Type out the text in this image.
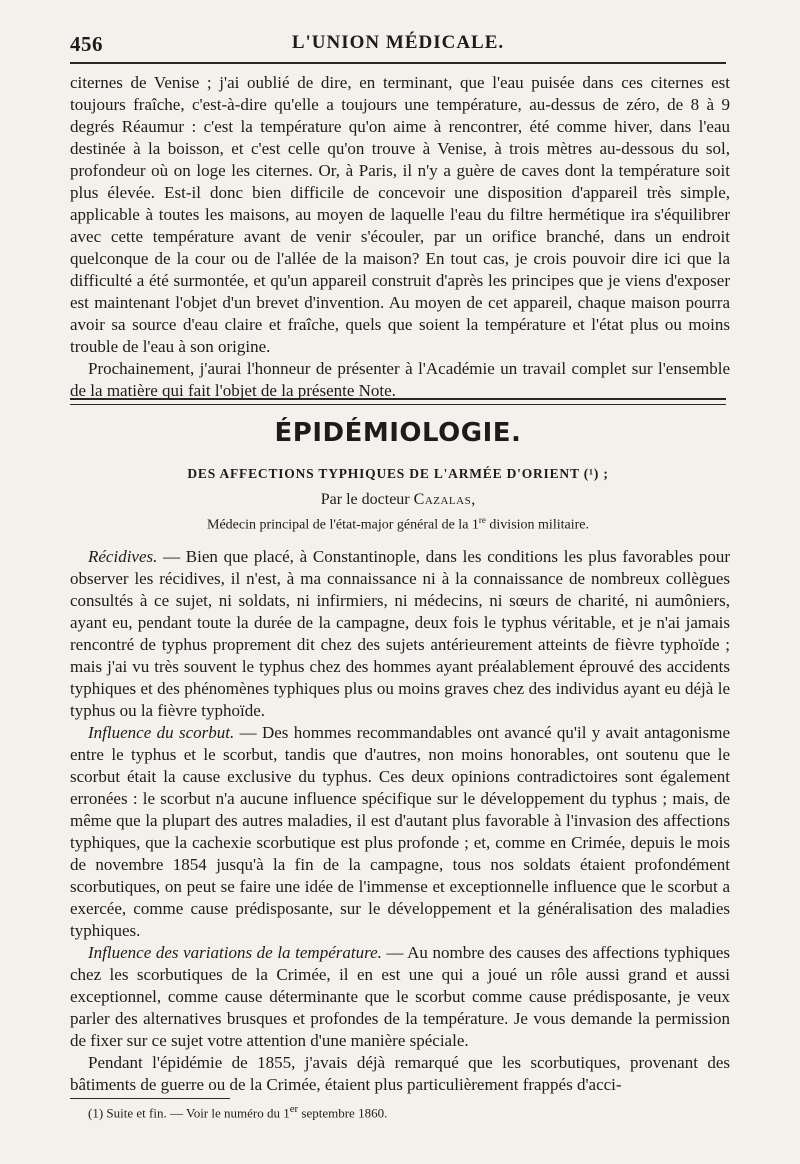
456	L'UNION MÉDICALE.

citernes de Venise ; j'ai oublié de dire, en terminant, que l'eau puisée dans ces citernes est toujours fraîche, c'est-à-dire qu'elle a toujours une température, au-dessus de zéro, de 8 à 9 degrés Réaumur : c'est la température qu'on aime à rencontrer, été comme hiver, dans l'eau destinée à la boisson, et c'est celle qu'on trouve à Venise, à trois mètres au-dessous du sol, profondeur où on loge les citernes. Or, à Paris, il n'y a guère de caves dont la température soit plus élevée. Est-il donc bien difficile de concevoir une disposition d'appareil très simple, applicable à toutes les maisons, au moyen de laquelle l'eau du filtre hermétique ira s'équilibrer avec cette température avant de venir s'écouler, par un orifice branché, dans un endroit quelconque de la cour ou de l'allée de la maison? En tout cas, je crois pouvoir dire ici que la difficulté a été surmontée, et qu'un appareil construit d'après les principes que je viens d'exposer est maintenant l'objet d'un brevet d'invention. Au moyen de cet appareil, chaque maison pourra avoir sa source d'eau claire et fraîche, quels que soient la température et l'état plus ou moins trouble de l'eau à son origine.

Prochainement, j'aurai l'honneur de présenter à l'Académie un travail complet sur l'ensemble de la matière qui fait l'objet de la présente Note.

ÉPIDÉMIOLOGIE.
DES AFFECTIONS TYPHIQUES DE L'ARMÉE D'ORIENT (¹) ;
Par le docteur Cazalas,
Médecin principal de l'état-major général de la 1re division militaire.

Récidives. — Bien que placé, à Constantinople, dans les conditions les plus favorables pour observer les récidives, il n'est, à ma connaissance ni à la connaissance de nombreux collègues consultés à ce sujet, ni soldats, ni infirmiers, ni médecins, ni sœurs de charité, ni aumôniers, ayant eu, pendant toute la durée de la campagne, deux fois le typhus véritable, et je n'ai jamais rencontré de typhus proprement dit chez des sujets antérieurement atteints de fièvre typhoïde ; mais j'ai vu très souvent le typhus chez des hommes ayant préalablement éprouvé des accidents typhiques et des phénomènes typhiques plus ou moins graves chez des individus ayant eu déjà le typhus ou la fièvre typhoïde.

Influence du scorbut. — Des hommes recommandables ont avancé qu'il y avait antagonisme entre le typhus et le scorbut, tandis que d'autres, non moins honorables, ont soutenu que le scorbut était la cause exclusive du typhus. Ces deux opinions contradictoires sont également erronées : le scorbut n'a aucune influence spécifique sur le développement du typhus ; mais, de même que la plupart des autres maladies, il est d'autant plus favorable à l'invasion des affections typhiques, que la cachexie scorbutique est plus profonde ; et, comme en Crimée, depuis le mois de novembre 1854 jusqu'à la fin de la campagne, tous nos soldats étaient profondément scorbutiques, on peut se faire une idée de l'immense et exceptionnelle influence que le scorbut a exercée, comme cause prédisposante, sur le développement et la généralisation des maladies typhiques.

Influence des variations de la température. — Au nombre des causes des affections typhiques chez les scorbutiques de la Crimée, il en est une qui a joué un rôle aussi grand et aussi exceptionnel, comme cause déterminante que le scorbut comme cause prédisposante, je veux parler des alternatives brusques et profondes de la température. Je vous demande la permission de fixer sur ce sujet votre attention d'une manière spéciale.

Pendant l'épidémie de 1855, j'avais déjà remarqué que les scorbutiques, provenant des bâtiments de guerre ou de la Crimée, étaient plus particulièrement frappés d'acci-

(1) Suite et fin. — Voir le numéro du 1er septembre 1860.
